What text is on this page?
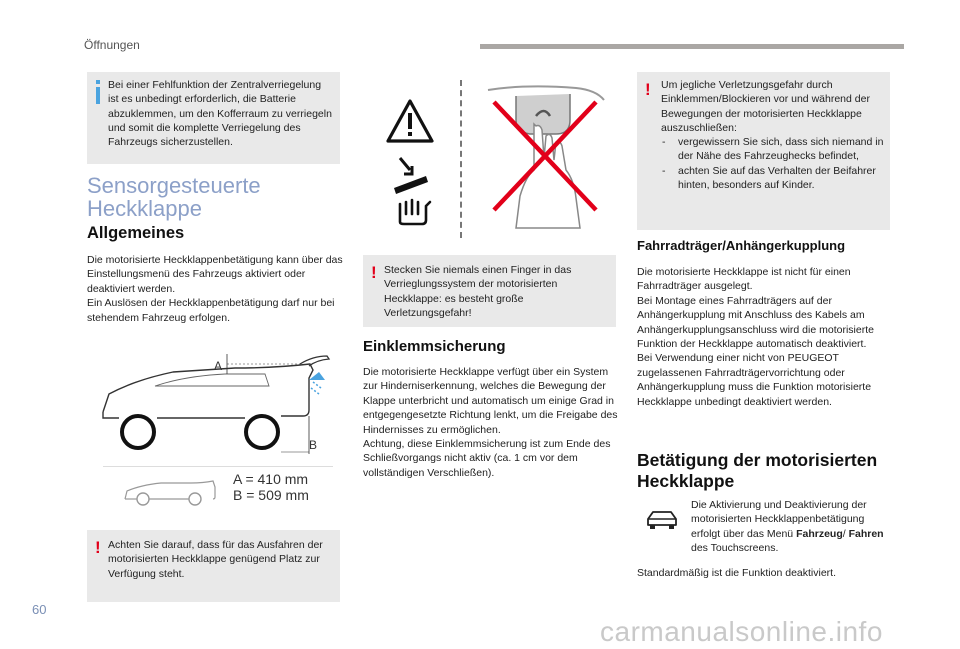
Öffnungen
Bei einer Fehlfunktion der Zentralverriegelung ist es unbedingt erforderlich, die Batterie abzuklemmen, um den Kofferraum zu verriegeln und somit die komplette Verriegelung des Fahrzeugs sicherzustellen.
Sensorgesteuerte
Heckklappe
Allgemeines

Die motorisierte Heckklappenbetätigung kann über das Einstellungsmenü des Fahrzeugs aktiviert oder deaktiviert werden.

Ein Auslösen der Heckklappenbetätigung darf nur bei stehendem Fahrzeug erfolgen.

A
B
A = 410 mm
B = 509 mm
! Achten Sie darauf, dass für das Ausfahren der motorisierten Heckklappe genügend Platz zur Verfügung steht.
! Stecken Sie niemals einen Finger in das Verrieglungssystem der motorisierten Heckklappe: es besteht große Verletzungsgefahr!
Einklemmsicherung

Die motorisierte Heckklappe verfügt über ein System zur Hinderniserkennung, welches die Bewegung der Klappe unterbricht und automatisch um einige Grad in entgegengesetzte Richtung lenkt, um die Freigabe des Hindernisses zu ermöglichen.

Achtung, diese Einklemmsicherung ist zum Ende des Schließvorgangs nicht aktiv (ca. 1 cm vor dem vollständigen Verschließen).

! Um jegliche Verletzungsgefahr durch Einklemmen/Blockieren vor und während der Bewegungen der motorisierten Heckklappe auszuschließen:
- vergewissern Sie sich, dass sich niemand in der Nähe des Fahrzeughecks befindet,
- achten Sie auf das Verhalten der Beifahrer hinten, besonders auf Kinder.
Fahrradträger/Anhängerkupplung

Die motorisierte Heckklappe ist nicht für einen Fahrradträger ausgelegt.

Bei Montage eines Fahrradträgers auf der Anhängerkupplung mit Anschluss des Kabels am Anhängerkupplungsanschluss wird die motorisierte Funktion der Heckklappe automatisch deaktiviert.

Bei Verwendung einer nicht von PEUGEOT zugelassenen Fahrradträgervorrichtung oder Anhängerkupplung muss die Funktion motorisierte Heckklappe unbedingt deaktiviert werden.

Betätigung der motorisierten
Heckklappe
Die Aktivierung und Deaktivierung der motorisierten Heckklappenbetätigung erfolgt über das Menü Fahrzeug/ Fahren des Touchscreens.
Standardmäßig ist die Funktion deaktiviert.
60
carmanualsonline.info
